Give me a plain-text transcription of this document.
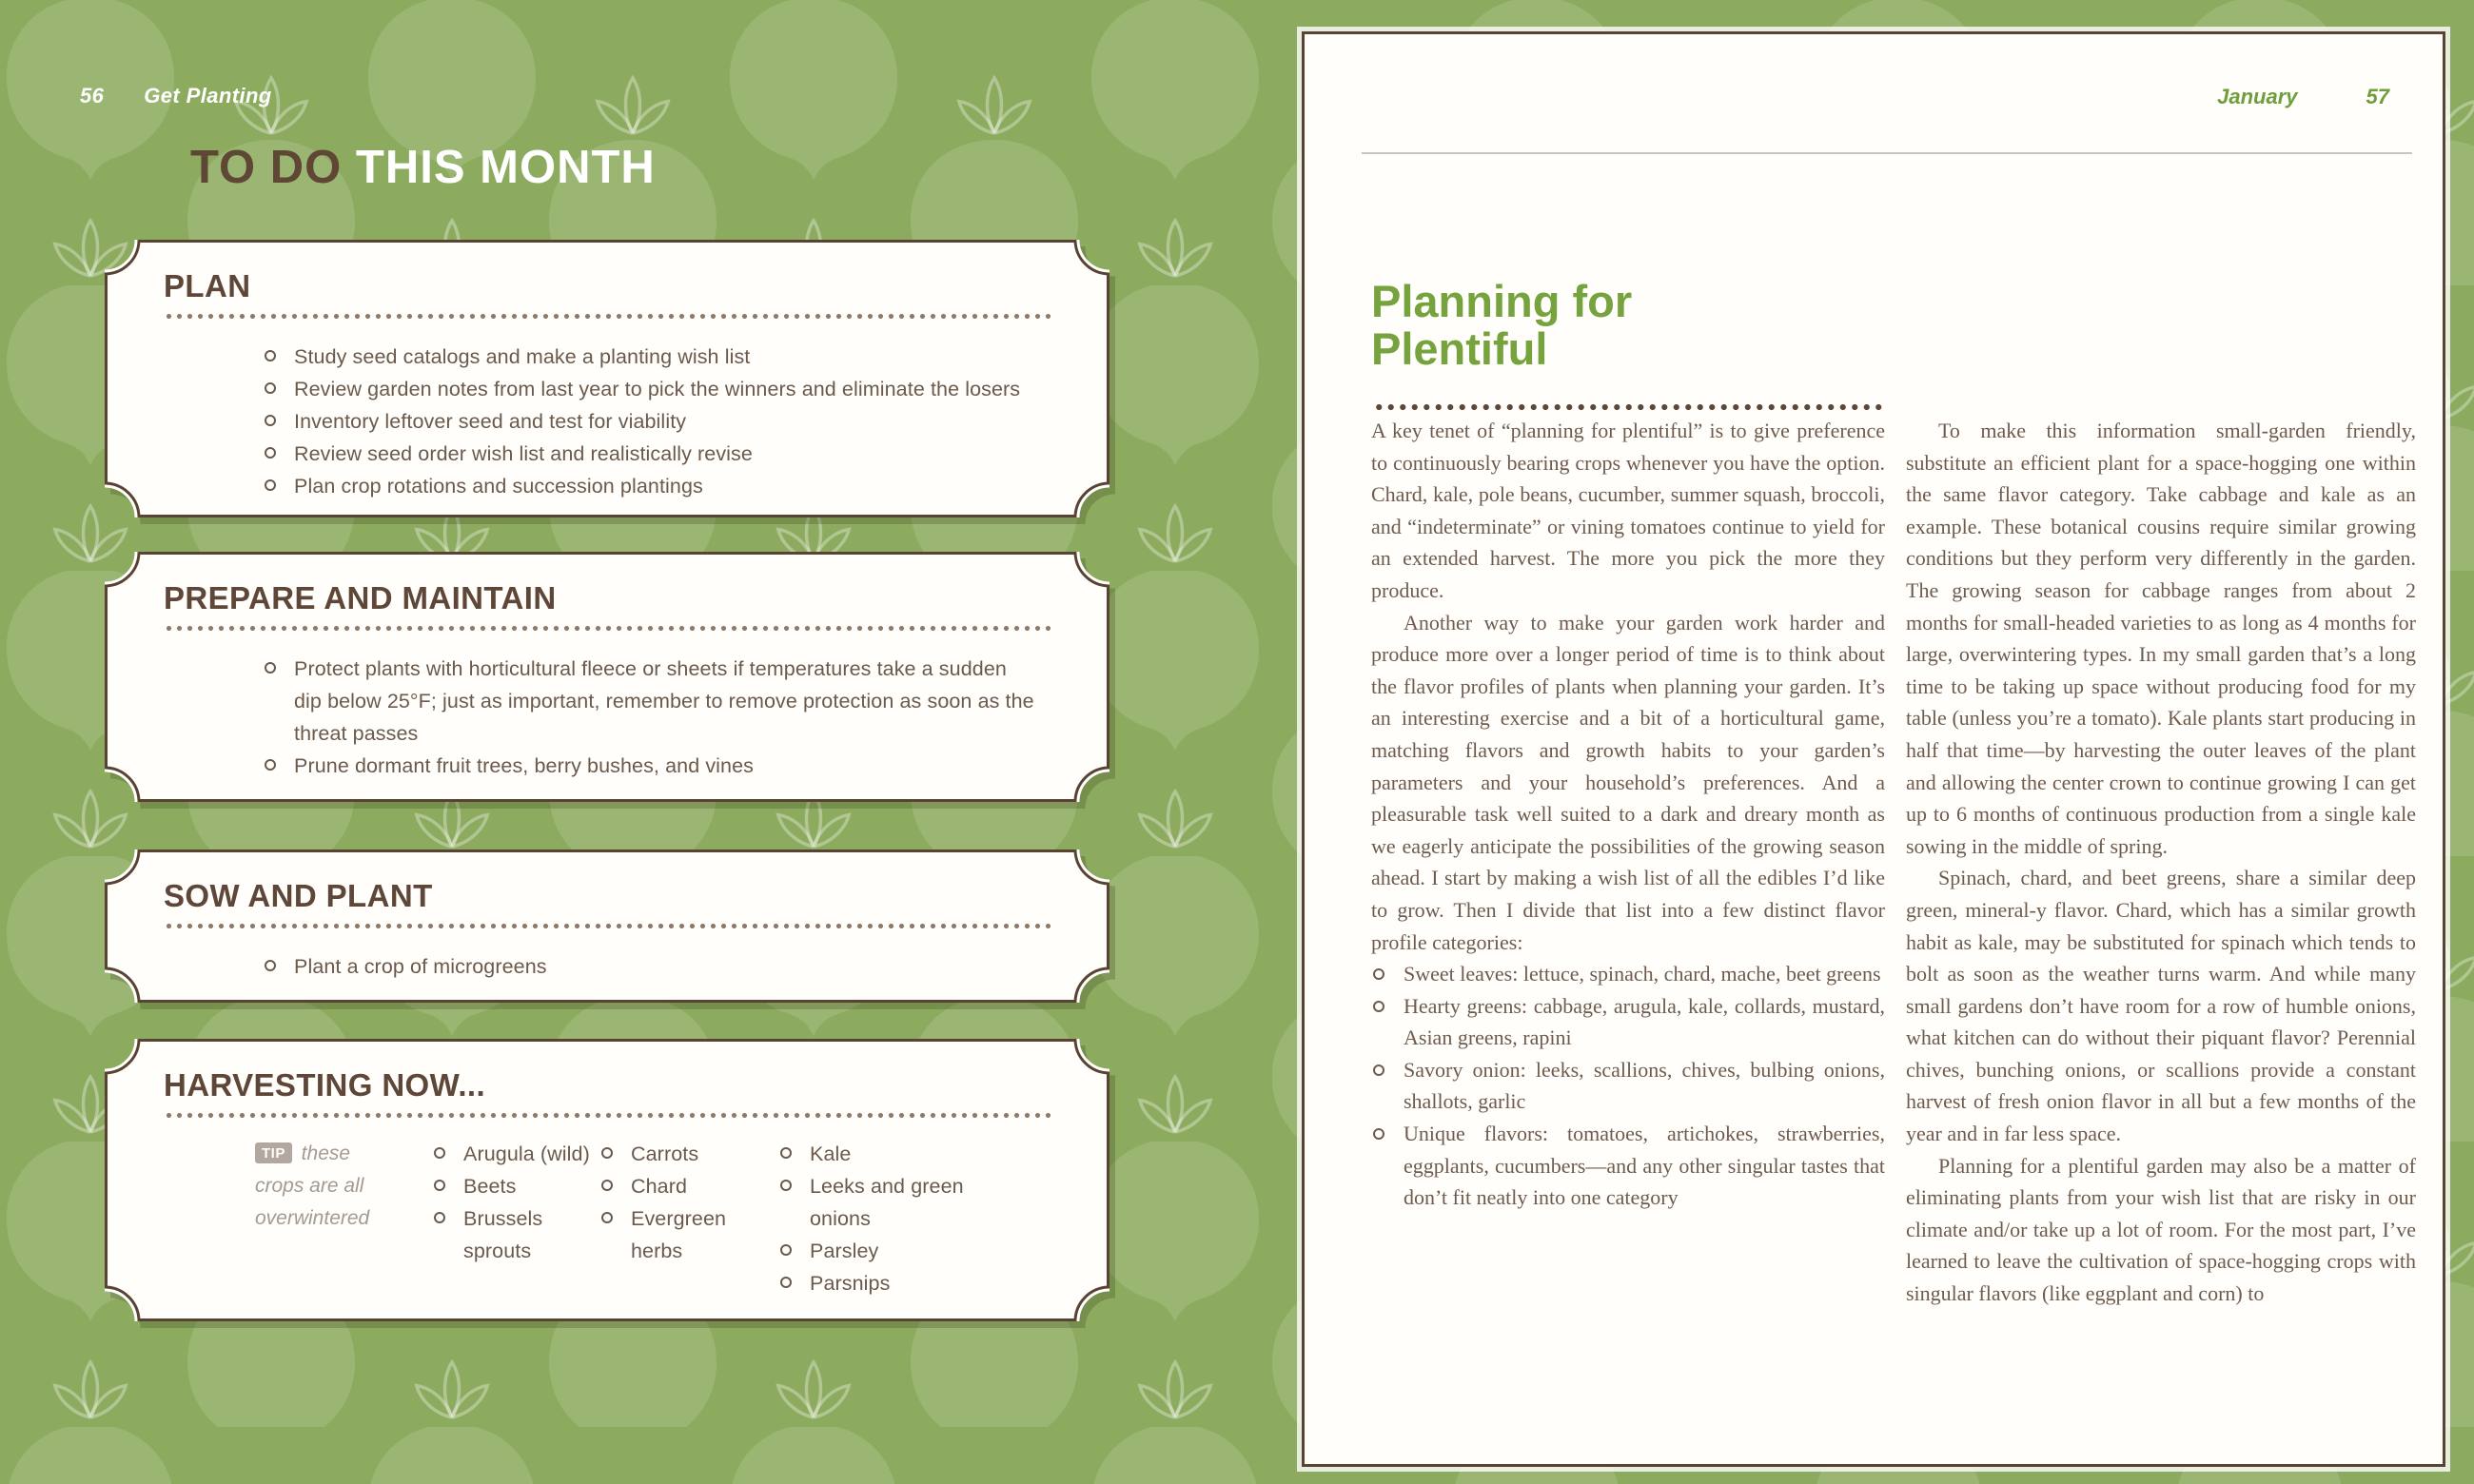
56 Get Planting
TO DO THIS MONTH
PLAN
Study seed catalogs and make a planting wish list
Review garden notes from last year to pick the winners and eliminate the losers
Inventory leftover seed and test for viability
Review seed order wish list and realistically revise
Plan crop rotations and succession plantings
PREPARE AND MAINTAIN
Protect plants with horticultural fleece or sheets if temperatures take a sudden dip below 25°F; just as important, remember to remove protection as soon as the threat passes
Prune dormant fruit trees, berry bushes, and vines
SOW AND PLANT
Plant a crop of microgreens
HARVESTING NOW...
TIP these crops are all overwintered
Arugula (wild)
Beets
Brussels sprouts
Carrots
Chard
Evergreen herbs
Kale
Leeks and green onions
Parsley
Parsnips
January	57
Planning for
Plentiful

A key tenet of “planning for plentiful” is to give preference to continuously bearing crops whenever you have the option. Chard, kale, pole beans, cucumber, summer squash, broccoli, and “indeterminate” or vining tomatoes continue to yield for an extended harvest. The more you pick the more they produce.

Another way to make your garden work harder and produce more over a longer period of time is to think about the flavor profiles of plants when planning your garden. It’s an interesting exercise and a bit of a horticultural game, matching flavors and growth habits to your garden’s parameters and your household’s preferences. And a pleasurable task well suited to a dark and dreary month as we eagerly anticipate the possibilities of the growing season ahead. I start by making a wish list of all the edibles I’d like to grow. Then I divide that list into a few distinct flavor profile categories:

Sweet leaves: lettuce, spinach, chard, mache, beet greens
Hearty greens: cabbage, arugula, kale, collards, mustard, Asian greens, rapini
Savory onion: leeks, scallions, chives, bulbing onions, shallots, garlic
Unique flavors: tomatoes, artichokes, strawberries, eggplants, cucumbers—and any other singular tastes that don’t fit neatly into one category

To make this information small-garden friendly, substitute an efficient plant for a space-hogging one within the same flavor category. Take cabbage and kale as an example. These botanical cousins require similar growing conditions but they perform very differently in the garden. The growing season for cabbage ranges from about 2 months for small-headed varieties to as long as 4 months for large, overwintering types. In my small garden that’s a long time to be taking up space without producing food for my table (unless you’re a tomato). Kale plants start producing in half that time—by harvesting the outer leaves of the plant and allowing the center crown to continue growing I can get up to 6 months of continuous production from a single kale sowing in the middle of spring.

Spinach, chard, and beet greens, share a similar deep green, mineral-y flavor. Chard, which has a similar growth habit as kale, may be substituted for spinach which tends to bolt as soon as the weather turns warm. And while many small gardens don’t have room for a row of humble onions, what kitchen can do without their piquant flavor? Perennial chives, bunching onions, or scallions provide a constant harvest of fresh onion flavor in all but a few months of the year and in far less space.

Planning for a plentiful garden may also be a matter of eliminating plants from your wish list that are risky in our climate and/or take up a lot of room. For the most part, I’ve learned to leave the cultivation of space-hogging crops with singular flavors (like eggplant and corn) to
